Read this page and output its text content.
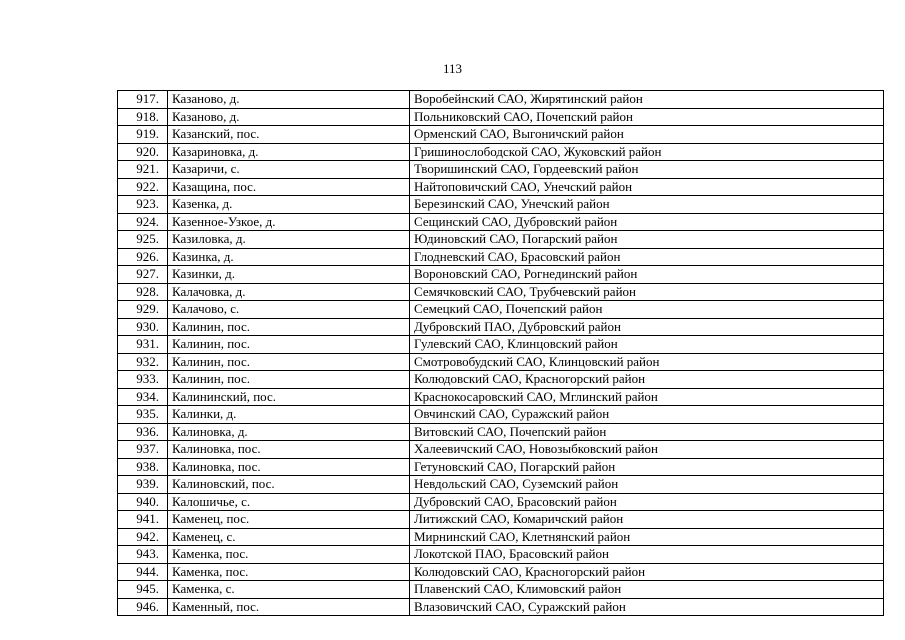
113
917.	Казаново, д.	Воробейнский САО, Жирятинский район
918.	Казаново, д.	Польниковский САО, Почепский район
919.	Казанский, пос.	Орменский САО, Выгоничский район
920.	Казариновка, д.	Гришинослободской САО, Жуковский район
921.	Казаричи, с.	Творишинский САО, Гордеевский район
922.	Казащина, пос.	Найтоповичский САО, Унечский район
923.	Казенка, д.	Березинский САО, Унечский район
924.	Казенное-Узкое, д.	Сещинский САО, Дубровский район
925.	Казиловка, д.	Юдиновский САО, Погарский район
926.	Казинка, д.	Глодневский САО, Брасовский район
927.	Казинки, д.	Вороновский САО, Рогнединский район
928.	Калачовка, д.	Семячковский САО, Трубчевский район
929.	Калачово, с.	Семецкий САО, Почепский район
930.	Калинин, пос.	Дубровский ПАО, Дубровский район
931.	Калинин, пос.	Гулевский САО, Клинцовский район
932.	Калинин, пос.	Смотровобудский САО, Клинцовский район
933.	Калинин, пос.	Колюдовский САО, Красногорский район
934.	Калининский, пос.	Краснокосаровский САО, Мглинский район
935.	Калинки, д.	Овчинский САО, Суражский район
936.	Калиновка, д.	Витовский САО, Почепский район
937.	Калиновка, пос.	Халеевичский САО, Новозыбковский район
938.	Калиновка, пос.	Гетуновский САО, Погарский район
939.	Калиновский, пос.	Невдольский САО, Суземский район
940.	Калошичье, с.	Дубровский САО, Брасовский район
941.	Каменец, пос.	Литижский САО, Комаричский район
942.	Каменец, с.	Мирнинский САО, Клетнянский район
943.	Каменка, пос.	Локотской ПАО, Брасовский район
944.	Каменка, пос.	Колюдовский САО, Красногорский район
945.	Каменка, с.	Плавенский САО, Климовский район
946.	Каменный, пос.	Влазовичский САО, Суражский район
